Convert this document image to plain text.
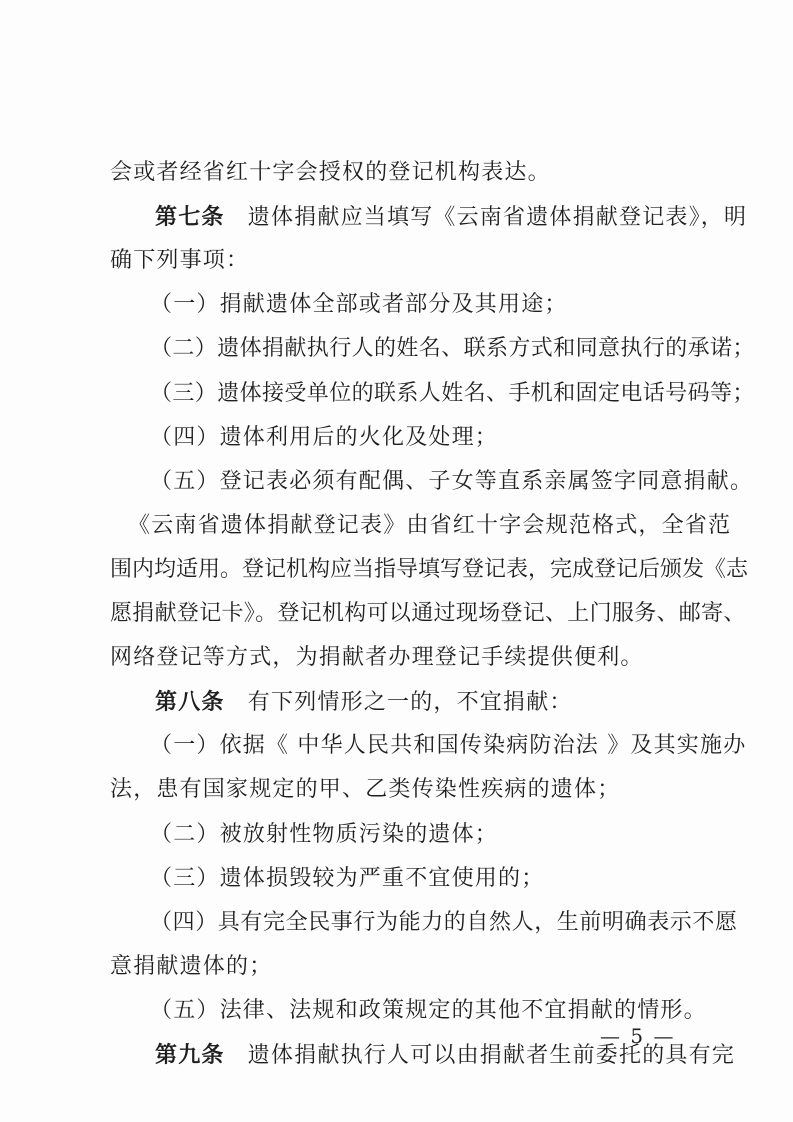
会或者经省红十字会授权的登记机构表达。
第七条　遗体捐献应当填写《云南省遗体捐献登记表》，明
确下列事项：
（一）捐献遗体全部或者部分及其用途；
（二）遗体捐献执行人的姓名、联系方式和同意执行的承诺；
（三）遗体接受单位的联系人姓名、手机和固定电话号码等；
（四）遗体利用后的火化及处理；
（五）登记表必须有配偶、子女等直系亲属签字同意捐献。
《云南省遗体捐献登记表》由省红十字会规范格式，全省范
围内均适用。登记机构应当指导填写登记表，完成登记后颁发《志
愿捐献登记卡》。登记机构可以通过现场登记、上门服务、邮寄、
网络登记等方式，为捐献者办理登记手续提供便利。
第八条　有下列情形之一的，不宜捐献：
（一）依据《 中华人民共和国传染病防治法 》及其实施办
法，患有国家规定的甲、乙类传染性疾病的遗体；
（二）被放射性物质污染的遗体；
（三）遗体损毁较为严重不宜使用的；
（四）具有完全民事行为能力的自然人，生前明确表示不愿
意捐献遗体的；
（五）法律、法规和政策规定的其他不宜捐献的情形。
第九条　遗体捐献执行人可以由捐献者生前委托的具有完
— 5 —
